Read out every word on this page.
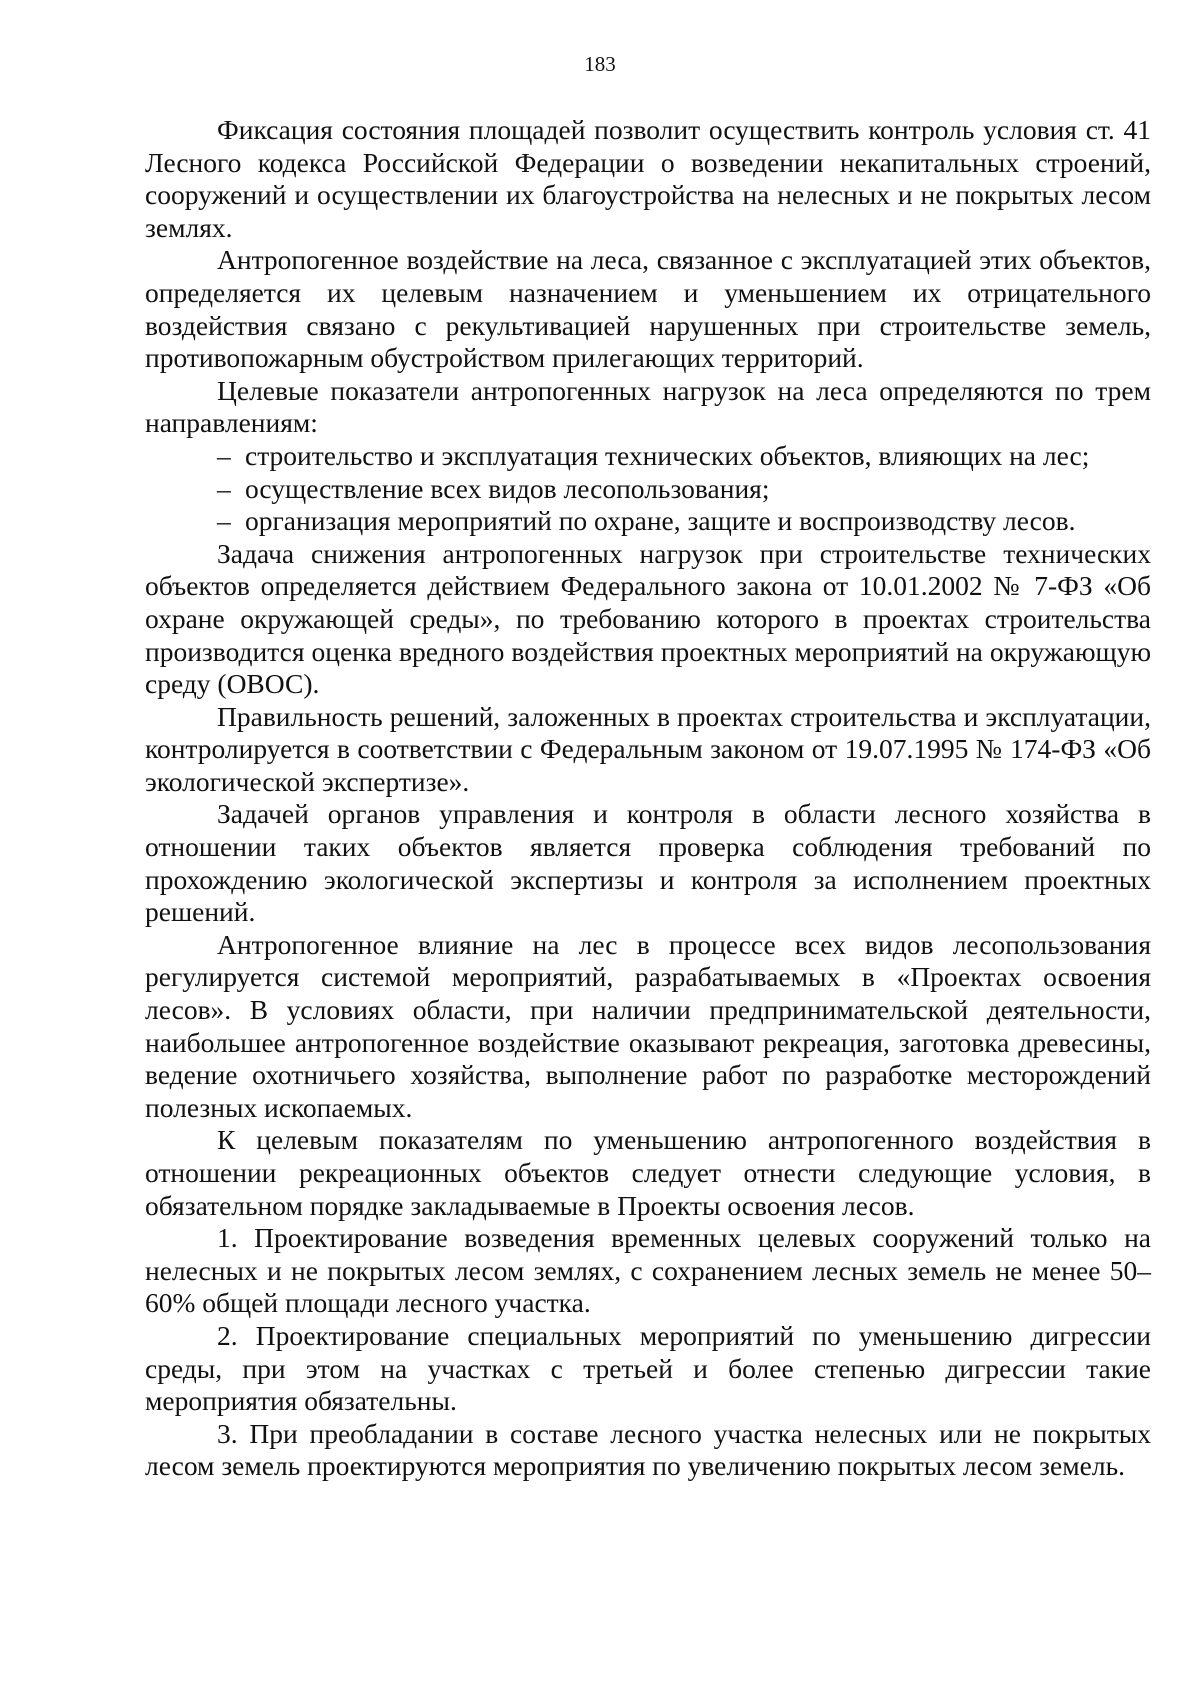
183

Фиксация состояния площадей позволит осуществить контроль условия ст. 41 Лесного кодекса Российской Федерации о возведении некапитальных строений, сооружений и осуществлении их благоустройства на нелесных и не покрытых лесом землях.

Антропогенное воздействие на леса, связанное с эксплуатацией этих объектов, определяется их целевым назначением и уменьшением их отрицательного воздействия связано с рекультивацией нарушенных при строительстве земель, противопожарным обустройством прилегающих территорий.

Целевые показатели антропогенных нагрузок на леса определяются по трем направлениям:

– строительство и эксплуатация технических объектов, влияющих на лес;
– осуществление всех видов лесопользования;
– организация мероприятий по охране, защите и воспроизводству лесов.

Задача снижения антропогенных нагрузок при строительстве технических объектов определяется действием Федерального закона от 10.01.2002 № 7-ФЗ «Об охране окружающей среды», по требованию которого в проектах строительства производится оценка вредного воздействия проектных мероприятий на окружающую среду (ОВОС).

Правильность решений, заложенных в проектах строительства и эксплуатации, контролируется в соответствии с Федеральным законом от 19.07.1995 № 174-ФЗ «Об экологической экспертизе».

Задачей органов управления и контроля в области лесного хозяйства в отношении таких объектов является проверка соблюдения требований по прохождению экологической экспертизы и контроля за исполнением проектных решений.

Антропогенное влияние на лес в процессе всех видов лесопользования регулируется системой мероприятий, разрабатываемых в «Проектах освоения лесов». В условиях области, при наличии предпринимательской деятельности, наибольшее антропогенное воздействие оказывают рекреация, заготовка древесины, ведение охотничьего хозяйства, выполнение работ по разработке месторождений полезных ископаемых.

К целевым показателям по уменьшению антропогенного воздействия в отношении рекреационных объектов следует отнести следующие условия, в обязательном порядке закладываемые в Проекты освоения лесов.

1. Проектирование возведения временных целевых сооружений только на нелесных и не покрытых лесом землях, с сохранением лесных земель не менее 50–60% общей площади лесного участка.

2. Проектирование специальных мероприятий по уменьшению дигрессии среды, при этом на участках с третьей и более степенью дигрессии такие мероприятия обязательны.

3. При преобладании в составе лесного участка нелесных или не покрытых лесом земель проектируются мероприятия по увеличению покрытых лесом земель.
